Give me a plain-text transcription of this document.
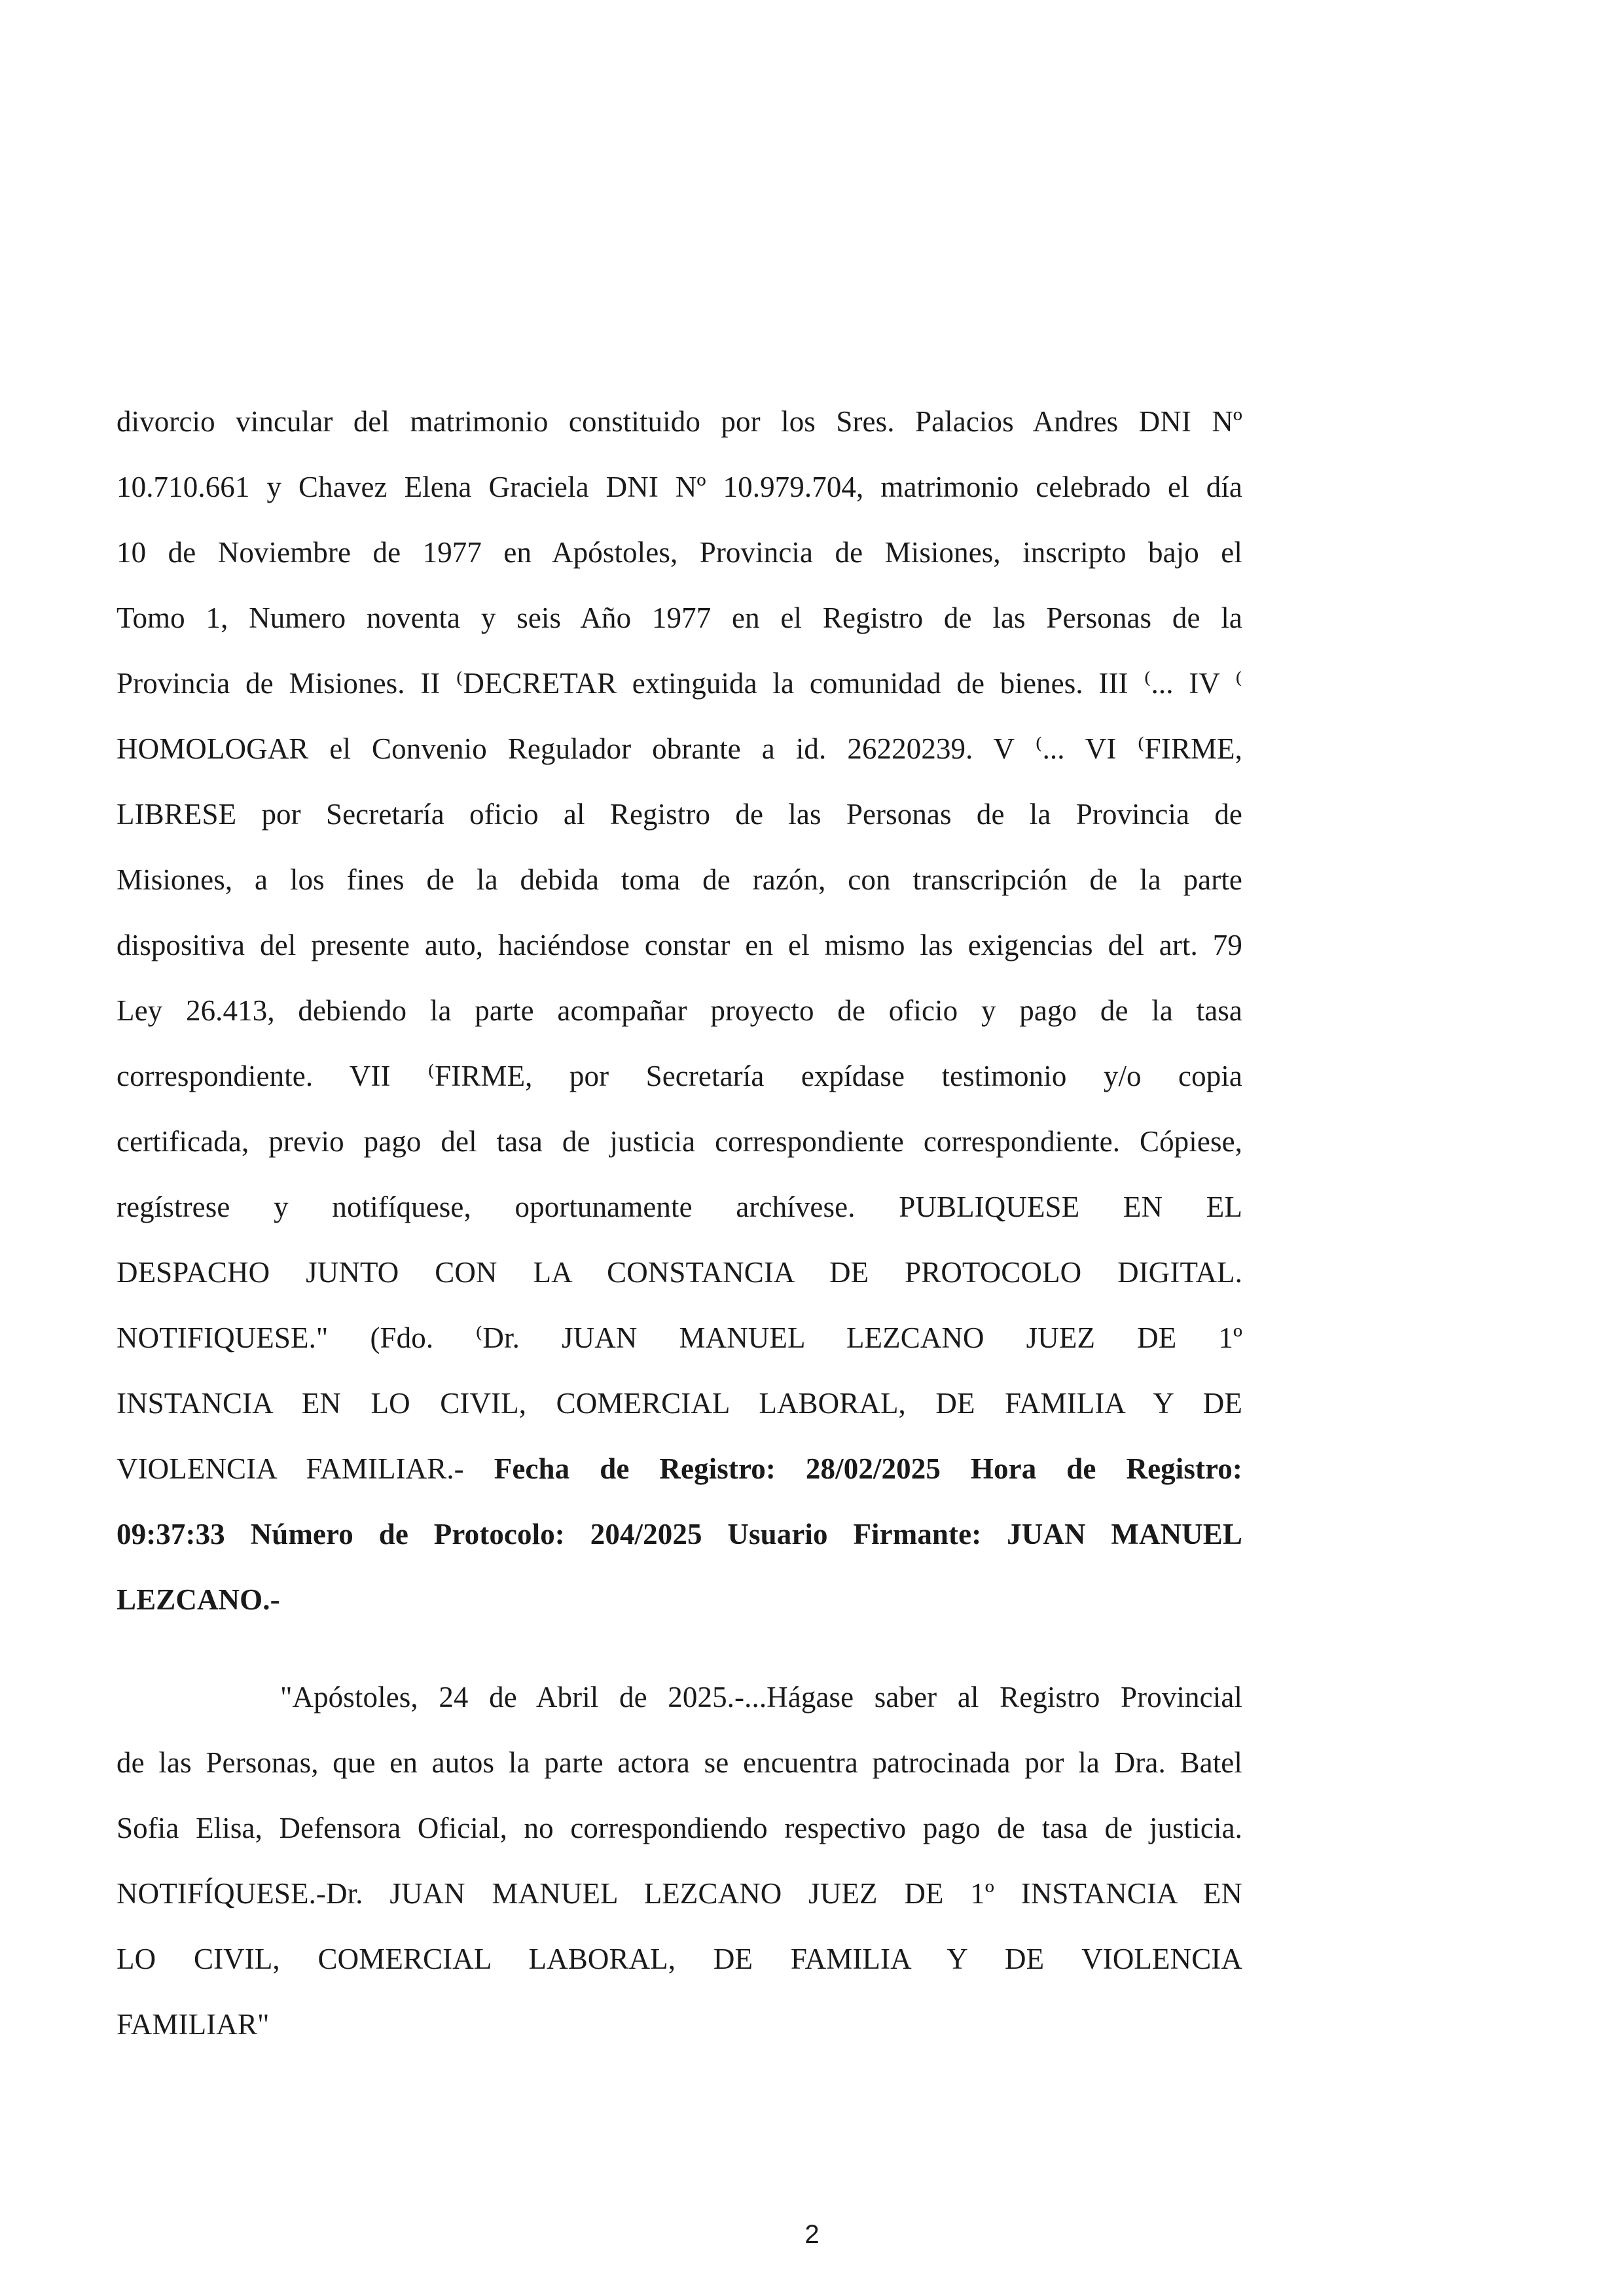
divorcio vincular del matrimonio constituido por los Sres. Palacios Andres DNI Nº
10.710.661 y Chavez Elena Graciela DNI Nº 10.979.704, matrimonio celebrado el día
10 de Noviembre de 1977 en Apóstoles, Provincia de Misiones, inscripto bajo el
Tomo 1, Numero noventa y seis Año 1977 en el Registro de las Personas de la
Provincia de Misiones. II ⁽DECRETAR extinguida la comunidad de bienes. III ⁽... IV ⁽
HOMOLOGAR el Convenio Regulador obrante a id. 26220239. V ⁽... VI ⁽FIRME,
LIBRESE por Secretaría oficio al Registro de las Personas de la Provincia de
Misiones, a los fines de la debida toma de razón, con transcripción de la parte
dispositiva del presente auto, haciéndose constar en el mismo las exigencias del art. 79
Ley 26.413, debiendo la parte acompañar proyecto de oficio y pago de la tasa
correspondiente. VII ⁽FIRME, por Secretaría expídase testimonio y/o copia
certificada, previo pago del tasa de justicia correspondiente correspondiente. Cópiese,
regístrese y notifíquese, oportunamente archívese. PUBLIQUESE EN EL
DESPACHO JUNTO CON LA CONSTANCIA DE PROTOCOLO DIGITAL.
NOTIFIQUESE." (Fdo. ⁽Dr. JUAN MANUEL LEZCANO JUEZ DE 1º
INSTANCIA EN LO CIVIL, COMERCIAL LABORAL, DE FAMILIA Y DE
VIOLENCIA FAMILIAR.- Fecha de Registro: 28/02/2025 Hora de Registro:
09:37:33 Número de Protocolo: 204/2025 Usuario Firmante: JUAN MANUEL
LEZCANO.-
"Apóstoles, 24 de Abril de 2025.-...Hágase saber al Registro Provincial
de las Personas, que en autos la parte actora se encuentra patrocinada por la Dra. Batel
Sofia Elisa, Defensora Oficial, no correspondiendo respectivo pago de tasa de justicia.
NOTIFÍQUESE.-Dr. JUAN MANUEL LEZCANO JUEZ DE 1º INSTANCIA EN
LO CIVIL, COMERCIAL LABORAL, DE FAMILIA Y DE VIOLENCIA
FAMILIAR"
2
